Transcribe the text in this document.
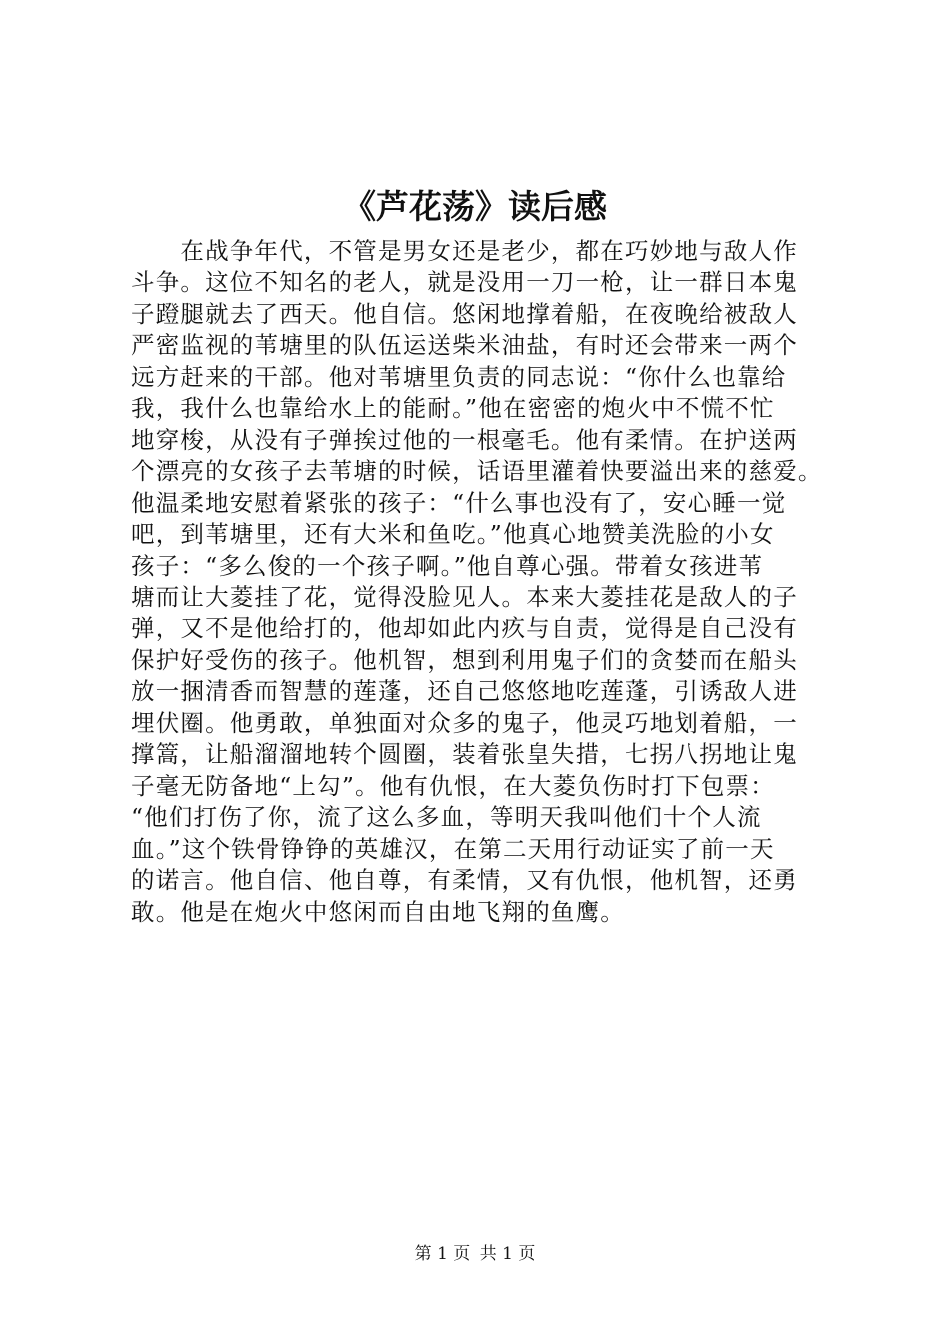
《芦花荡》读后感
　　在战争年代，不管是男女还是老少，都在巧妙地与敌人作
斗争。这位不知名的老人，就是没用一刀一枪，让一群日本鬼
子蹬腿就去了西天。他自信。悠闲地撑着船，在夜晚给被敌人
严密监视的苇塘里的队伍运送柴米油盐，有时还会带来一两个
远方赶来的干部。他对苇塘里负责的同志说：“你什么也靠给
我，我什么也靠给水上的能耐。”他在密密的炮火中不慌不忙
地穿梭，从没有子弹挨过他的一根毫毛。他有柔情。在护送两
个漂亮的女孩子去苇塘的时候，话语里灌着快要溢出来的慈爱。
他温柔地安慰着紧张的孩子：“什么事也没有了，安心睡一觉
吧，到苇塘里，还有大米和鱼吃。”他真心地赞美洗脸的小女
孩子：“多么俊的一个孩子啊。”他自尊心强。带着女孩进苇
塘而让大菱挂了花，觉得没脸见人。本来大菱挂花是敌人的子
弹，又不是他给打的，他却如此内疚与自责，觉得是自己没有
保护好受伤的孩子。他机智，想到利用鬼子们的贪婪而在船头
放一捆清香而智慧的莲蓬，还自己悠悠地吃莲蓬，引诱敌人进
埋伏圈。他勇敢，单独面对众多的鬼子，他灵巧地划着船，一
撑篙，让船溜溜地转个圆圈，装着张皇失措，七拐八拐地让鬼
子毫无防备地“上勾”。他有仇恨，在大菱负伤时打下包票：
“他们打伤了你，流了这么多血，等明天我叫他们十个人流
血。”这个铁骨铮铮的英雄汉，在第二天用行动证实了前一天
的诺言。他自信、他自尊，有柔情，又有仇恨，他机智，还勇
敢。他是在炮火中悠闲而自由地飞翔的鱼鹰。
第 1 页 共 1 页
